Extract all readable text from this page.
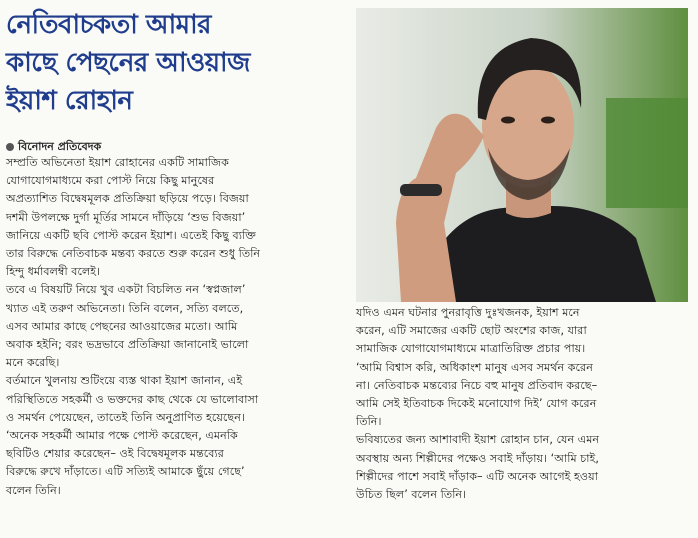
নেতিবাচকতা আমার
কাছে পেছনের আওয়াজ
ইয়াশ রোহান
বিনোদন প্রতিবেদক
সম্প্রতি অভিনেতা ইয়াশ রোহানের একটি সামাজিক
যোগাযোগমাধ্যমে করা পোস্ট নিয়ে কিছু মানুষের
অপ্রত্যাশিত বিদ্বেষমূলক প্রতিক্রিয়া ছড়িয়ে পড়ে। বিজয়া
দশমী উপলক্ষে দুর্গা মূর্তির সামনে দাঁড়িয়ে ‘শুভ বিজয়া’
জানিয়ে একটি ছবি পোস্ট করেন ইয়াশ। এতেই কিছু ব্যক্তি
তার বিরুদ্ধে নেতিবাচক মন্তব্য করতে শুরু করেন শুধু তিনি
হিন্দু ধর্মাবলম্বী বলেই।
তবে এ বিষয়টি নিয়ে খুব একটা বিচলিত নন ‘স্বপ্নজাল’
খ্যাত এই তরুণ অভিনেতা। তিনি বলেন, সত্যি বলতে,
এসব আমার কাছে পেছনের আওয়াজের মতো। আমি
অবাক হইনি; বরং ভদ্রভাবে প্রতিক্রিয়া জানানোই ভালো
মনে করেছি।
বর্তমানে খুলনায় শুটিংয়ে ব্যস্ত থাকা ইয়াশ জানান, এই
পরিস্থিতিতে সহকর্মী ও ভক্তদের কাছ থেকে যে ভালোবাসা
ও সমর্থন পেয়েছেন, তাতেই তিনি অনুপ্রাণিত হয়েছেন।
‘অনেক সহকর্মী আমার পক্ষে পোস্ট করেছেন, এমনকি
ছবিটিও শেয়ার করেছেন– ওই বিদ্বেষমূলক মন্তব্যের
বিরুদ্ধে রুখে দাঁড়াতে। এটি সত্যিই আমাকে ছুঁয়ে গেছে’
বলেন তিনি।
যদিও এমন ঘটনার পুনরাবৃত্তি দুঃখজনক, ইয়াশ মনে
করেন, এটি সমাজের একটি ছোট অংশের কাজ, যারা
সামাজিক যোগাযোগমাধ্যমে মাত্রাতিরিক্ত প্রচার পায়।
‘আমি বিশ্বাস করি, অধিকাংশ মানুষ এসব সমর্থন করেন
না। নেতিবাচক মন্তব্যের নিচে বহু মানুষ প্রতিবাদ করছে–
আমি সেই ইতিবাচক দিকেই মনোযোগ দিই’ যোগ করেন
তিনি।
ভবিষ্যতের জন্য আশাবাদী ইয়াশ রোহান চান, যেন এমন
অবস্থায় অন্য শিল্পীদের পক্ষেও সবাই দাঁড়ায়। ‘আমি চাই,
শিল্পীদের পাশে সবাই দাঁড়াক– এটি অনেক আগেই হওয়া
উচিত ছিল’ বলেন তিনি।
